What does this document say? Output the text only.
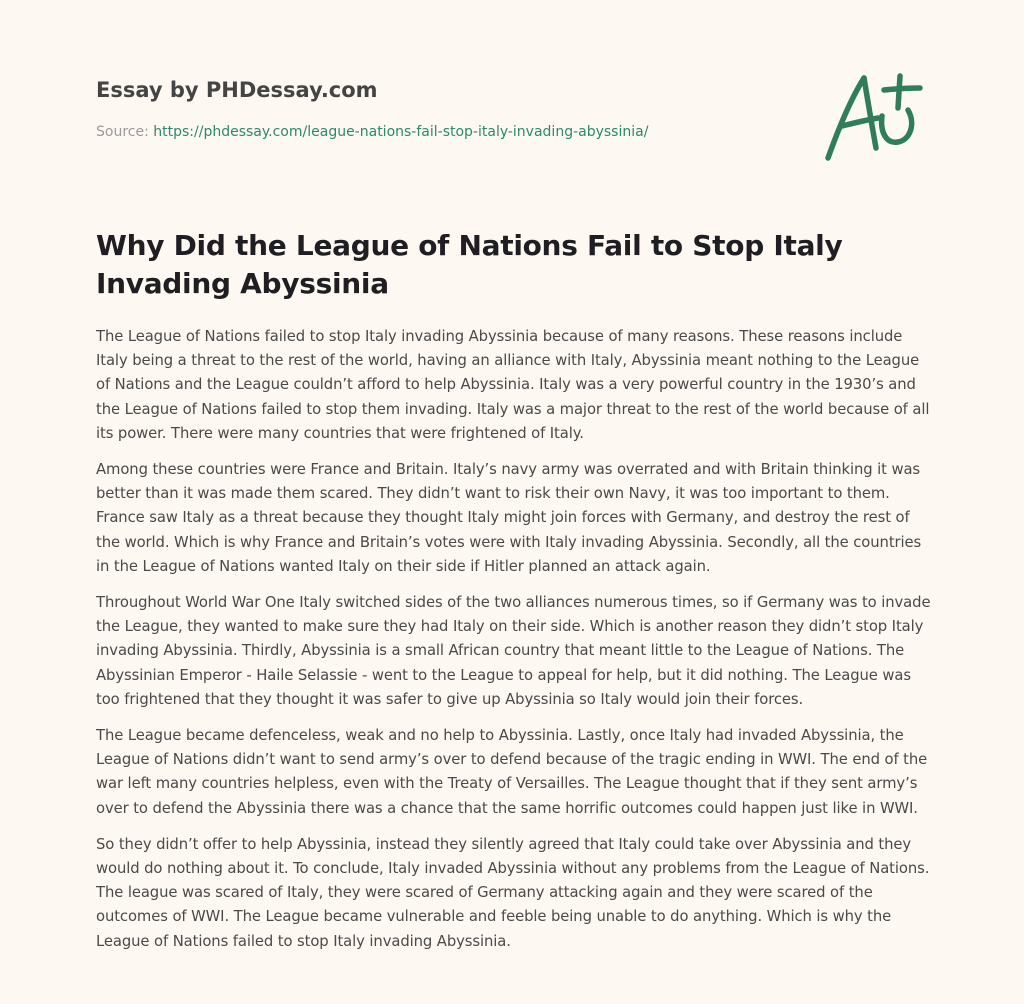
Essay by PHDessay.com
Source: https://phdessay.com/league-nations-fail-stop-italy-invading-abyssinia/
Why Did the League of Nations Fail to Stop Italy Invading Abyssinia

The League of Nations failed to stop Italy invading Abyssinia because of many reasons. These reasons include Italy being a threat to the rest of the world, having an alliance with Italy, Abyssinia meant nothing to the League of Nations and the League couldn’t afford to help Abyssinia. Italy was a very powerful country in the 1930’s and the League of Nations failed to stop them invading. Italy was a major threat to the rest of the world because of all its power. There were many countries that were frightened of Italy.

Among these countries were France and Britain. Italy’s navy army was overrated and with Britain thinking it was better than it was made them scared. They didn’t want to risk their own Navy, it was too important to them. France saw Italy as a threat because they thought Italy might join forces with Germany, and destroy the rest of the world. Which is why France and Britain’s votes were with Italy invading Abyssinia. Secondly, all the countries in the League of Nations wanted Italy on their side if Hitler planned an attack again.

Throughout World War One Italy switched sides of the two alliances numerous times, so if Germany was to invade the League, they wanted to make sure they had Italy on their side. Which is another reason they didn’t stop Italy invading Abyssinia. Thirdly, Abyssinia is a small African country that meant little to the League of Nations. The Abyssinian Emperor - Haile Selassie - went to the League to appeal for help, but it did nothing. The League was too frightened that they thought it was safer to give up Abyssinia so Italy would join their forces.

The League became defenceless, weak and no help to Abyssinia. Lastly, once Italy had invaded Abyssinia, the League of Nations didn’t want to send army’s over to defend because of the tragic ending in WWI. The end of the war left many countries helpless, even with the Treaty of Versailles. The League thought that if they sent army’s over to defend the Abyssinia there was a chance that the same horrific outcomes could happen just like in WWI.

So they didn’t offer to help Abyssinia, instead they silently agreed that Italy could take over Abyssinia and they would do nothing about it. To conclude, Italy invaded Abyssinia without any problems from the League of Nations. The league was scared of Italy, they were scared of Germany attacking again and they were scared of the outcomes of WWI. The League became vulnerable and feeble being unable to do anything. Which is why the League of Nations failed to stop Italy invading Abyssinia.
